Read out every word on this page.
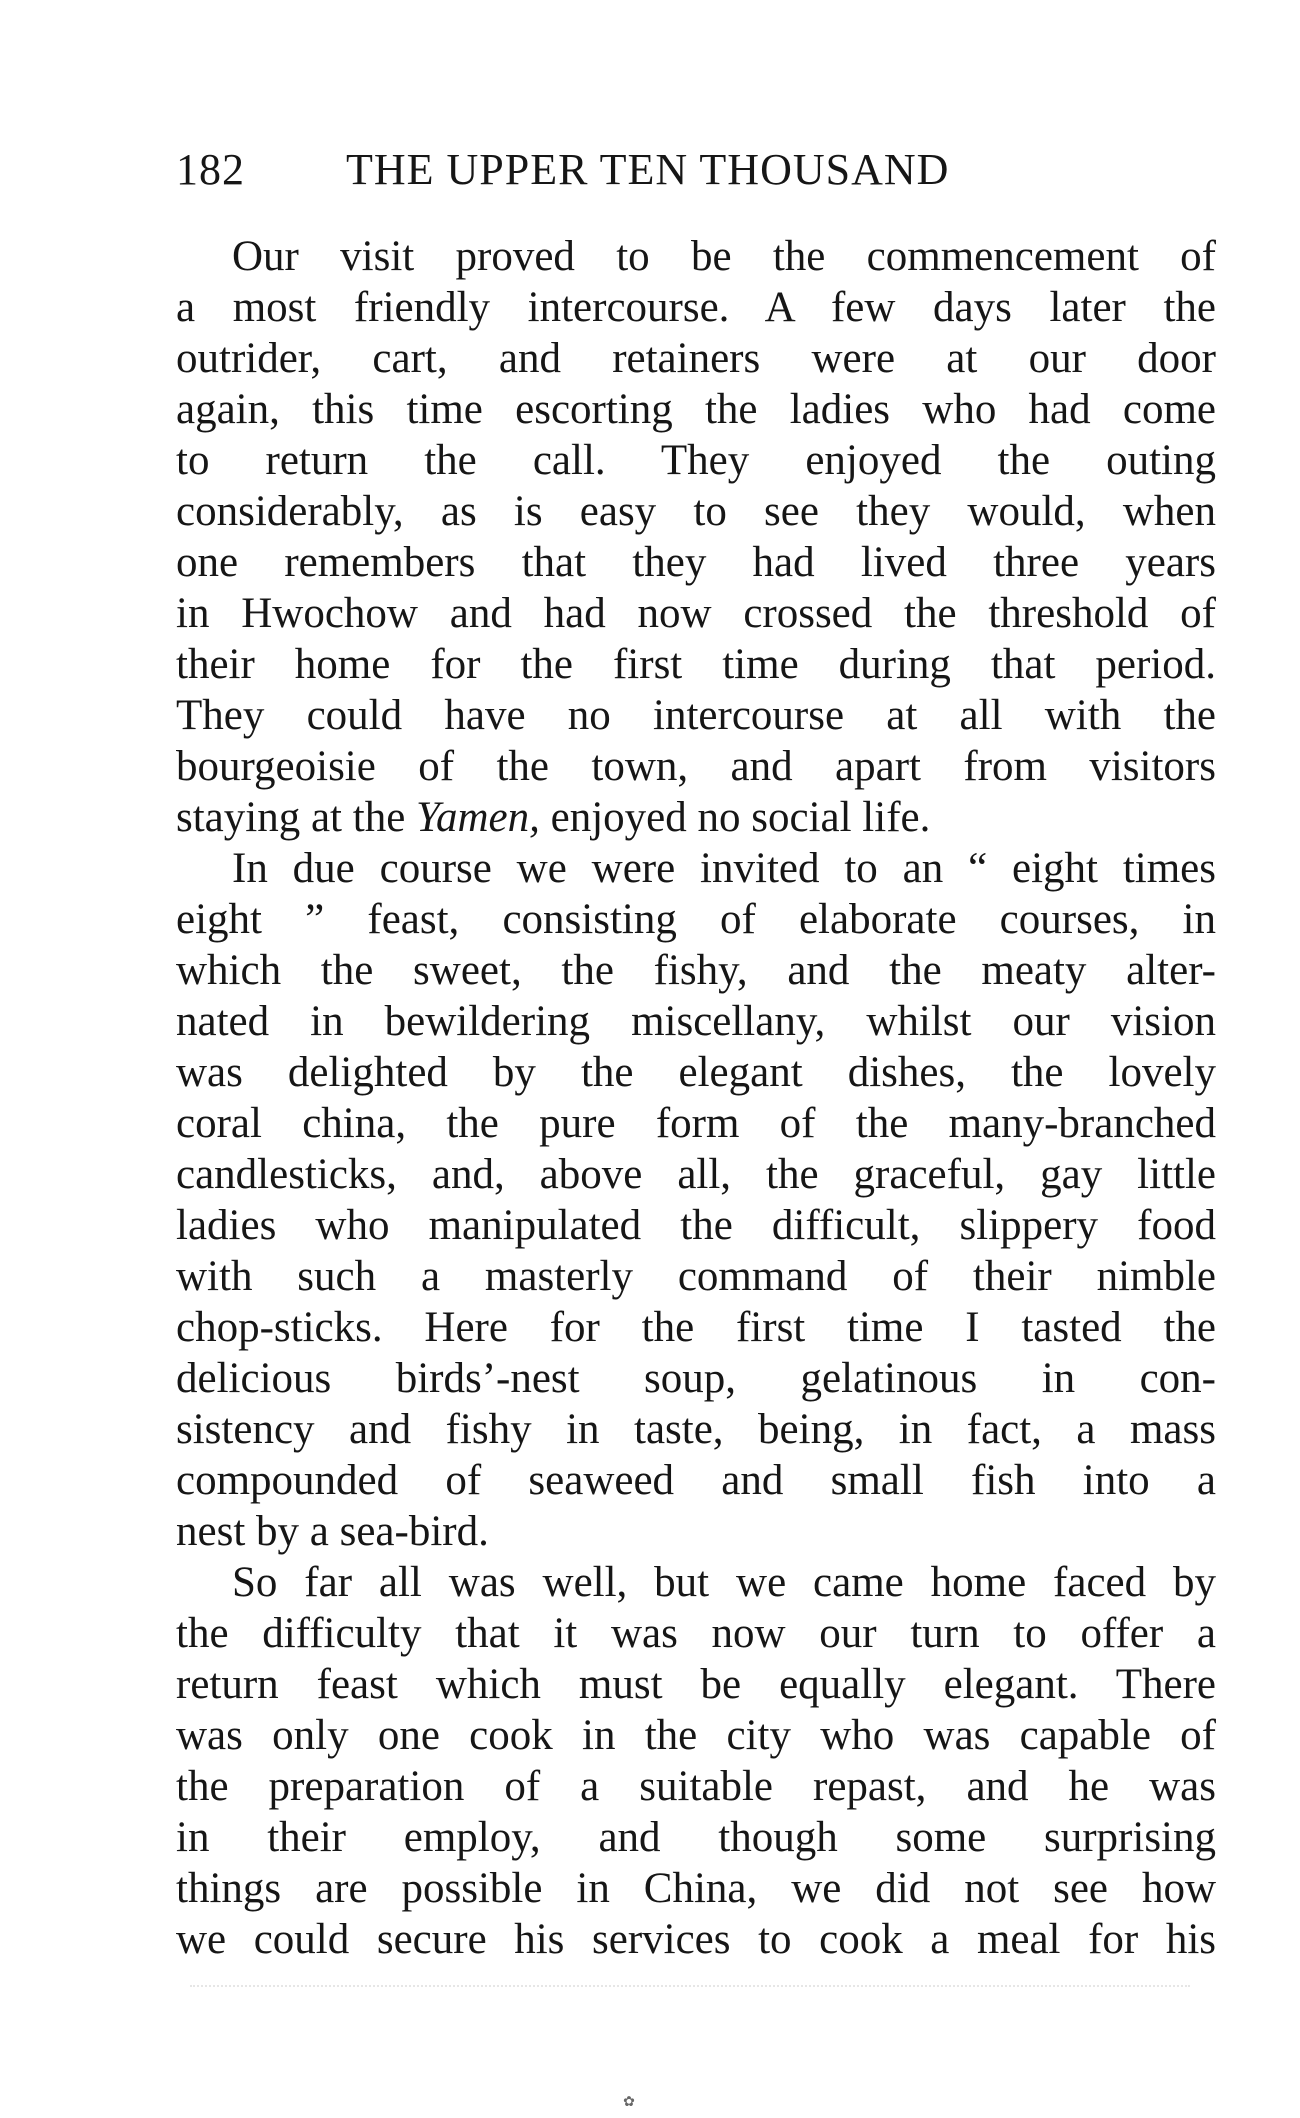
182 THE UPPER TEN THOUSAND
Our visit proved to be the commencement of
a most friendly intercourse. A few days later the
outrider, cart, and retainers were at our door
again, this time escorting the ladies who had come
to return the call. They enjoyed the outing
considerably, as is easy to see they would, when
one remembers that they had lived three years
in Hwochow and had now crossed the threshold of
their home for the first time during that period.
They could have no intercourse at all with the
bourgeoisie of the town, and apart from visitors
staying at the Yamen, enjoyed no social life.
In due course we were invited to an “ eight times
eight ” feast, consisting of elaborate courses, in
which the sweet, the fishy, and the meaty alter-
nated in bewildering miscellany, whilst our vision
was delighted by the elegant dishes, the lovely
coral china, the pure form of the many-branched
candlesticks, and, above all, the graceful, gay little
ladies who manipulated the difficult, slippery food
with such a masterly command of their nimble
chop-sticks. Here for the first time I tasted the
delicious birds’-nest soup, gelatinous in con-
sistency and fishy in taste, being, in fact, a mass
compounded of seaweed and small fish into a
nest by a sea-bird.
So far all was well, but we came home faced by
the difficulty that it was now our turn to offer a
return feast which must be equally elegant. There
was only one cook in the city who was capable of
the preparation of a suitable repast, and he was
in their employ, and though some surprising
things are possible in China, we did not see how
we could secure his services to cook a meal for his
✿
